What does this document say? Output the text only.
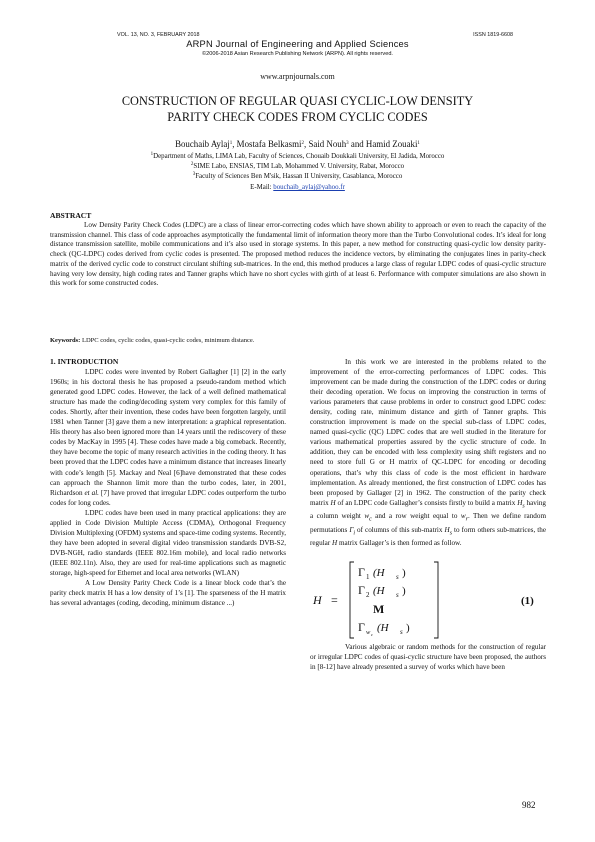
VOL. 13, NO. 3, FEBRUARY 2018	ISSN 1819-6608
ARPN Journal of Engineering and Applied Sciences
©2006-2018 Asian Research Publishing Network (ARPN). All rights reserved.
www.arpnjournals.com
CONSTRUCTION OF REGULAR QUASI CYCLIC-LOW DENSITY
PARITY CHECK CODES FROM CYCLIC CODES
Bouchaib Aylaj$^1$, Mostafa Belkasmi$^2$, Said Nouh$^3$ and Hamid Zouaki$^1$
$^1$Department of Maths, LIMA Lab, Faculty of Sciences, Chouaib Doukkali University, El Jadida, Morocco
$^2$SIME Labo, ENSIAS, TIM Lab, Mohammed V. University, Rabat, Morocco
$^3$Faculty of Sciences Ben M'sik, Hassan II University, Casablanca, Morocco
E-Mail: bouchaib_aylaj@yahoo.fr
ABSTRACT

Low Density Parity Check Codes (LDPC) are a class of linear error-correcting codes which have shown ability to approach or even to reach the capacity of the transmission channel. This class of code approaches asymptotically the fundamental limit of information theory more than the Turbo Convolutional codes. It’s ideal for long distance transmission satellite, mobile communications and it’s also used in storage systems. In this paper, a new method for constructing quasi-cyclic low density parity-check (QC-LDPC) codes derived from cyclic codes is presented. The proposed method reduces the incidence vectors, by eliminating the conjugates lines in parity-check matrix of the derived cyclic code to construct circulant shifting sub-matrices. In the end, this method produces a large class of regular LDPC codes of quasi-cyclic structure having very low density, high coding rates and Tanner graphs which have no short cycles with girth of at least 6. Performance with computer simulations are also shown in this work for some constructed codes.

Keywords: LDPC codes, cyclic codes, quasi-cyclic codes, minimum distance.
1. INTRODUCTION

LDPC codes were invented by Robert Gallagher [1] [2] in the early 1960s; in his doctoral thesis he has proposed a pseudo-random method which generated good LDPC codes. However, the lack of a well defined mathematical structure has made the coding/decoding system very complex for this family of codes. Shortly, after their invention, these codes have been forgotten largely, until 1981 when Tanner [3] gave them a new interpretation: a graphical representation. His theory has also been ignored more than 14 years until the rediscovery of these codes by MacKay in 1995 [4]. These codes have made a big comeback. Recently, they have become the topic of many research activities in the coding theory. It has been proved that the LDPC codes have a minimum distance that increases linearly with code’s length [5]. Mackay and Neal [6]have demonstrated that these codes can approach the Shannon limit more than the turbo codes, later, in 2001, Richardson et al. [7] have proved that irregular LDPC codes outperform the turbo codes for long codes.

LDPC codes have been used in many practical applications: they are applied in Code Division Multiple Access (CDMA), Orthogonal Frequency Division Multiplexing (OFDM) systems and space-time coding systems. Recently, they have been adopted in several digital video transmission standards DVB-S2, DVB-NGH, radio standards (IEEE 802.16m mobile), and local radio networks (IEEE 802.11n). Also, they are used for real-time applications such as magnetic storage, high-speed for Ethernet and local area networks (WLAN)

A Low Density Parity Check Code is a linear block code that’s the parity check matrix H has a low density of 1’s [1]. The sparseness of the H matrix has several advantages (coding, decoding, minimum distance ...)

In this work we are interested in the problems related to the improvement of the error-correcting performances of LDPC codes. This improvement can be made during the construction of the LDPC codes or during their decoding operation. We focus on improving the construction in terms of various parameters that cause problems in order to construct good LDPC codes: density, coding rate, minimum distance and girth of Tanner graphs. This construction improvement is made on the special sub-class of LDPC codes, named quasi-cyclic (QC) LDPC codes that are well studied in the literature for various mathematical properties assured by the cyclic structure of code. In addition, they can be encoded with less complexity using shift registers and no need to store full G or H matrix of QC-LDPC for encoding or decoding operations, that’s why this class of code is the most efficient in hardware implementation. As already mentioned, the first construction of LDPC codes has been proposed by Gallager [2] in 1962. The construction of the parity check matrix H of an LDPC code Gallagher’s consists firstly to build a matrix $H_s$ having a column weight $w_c$ and a row weight equal to $w_r$. Then we define random permutations $\Gamma_i$ of columns of this sub-matrix $H_s$ to form others sub-matrices, the regular H matrix Gallager’s is then formed as follow.

H =
Γ 1 (H s )
Γ 2 (H s )
M
Γ w c
(H s )
(1)

Various algebraic or random methods for the construction of regular or irregular LDPC codes of quasi-cyclic structure have been proposed, the authors in [8-12] have already presented a survey of works which have been

982
